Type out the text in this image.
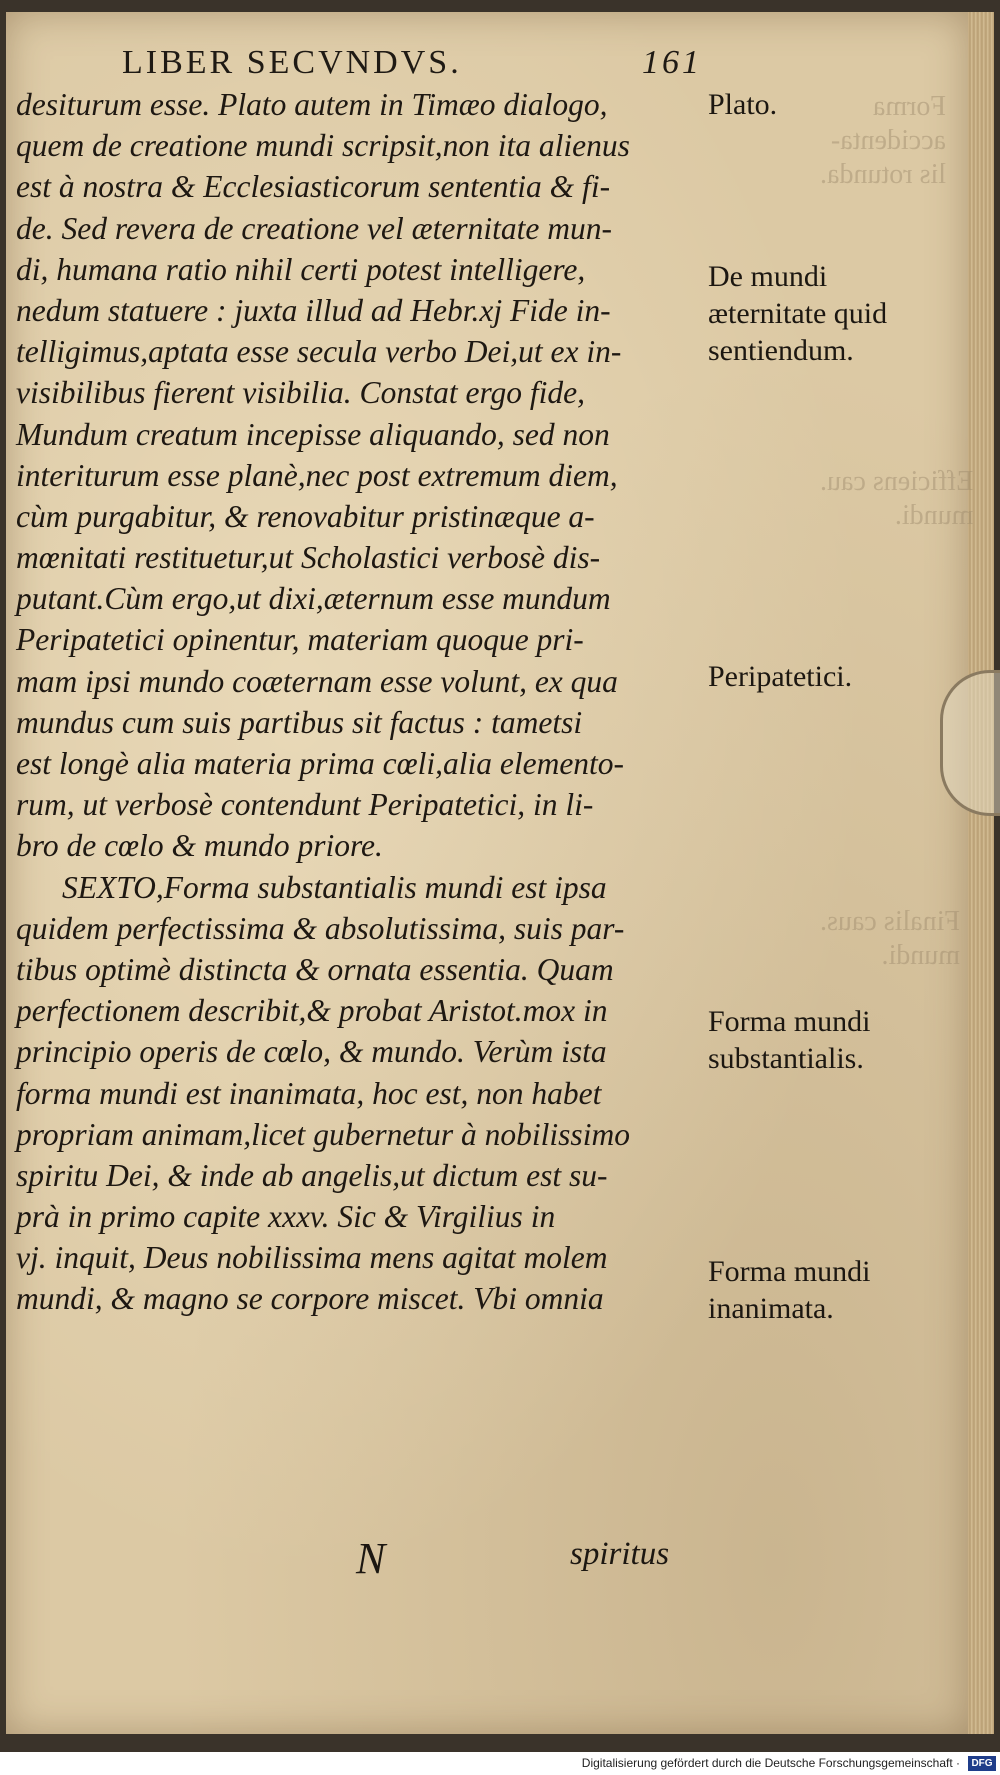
Forma
accidenta-
lis rotunda.
Efficiens cau.
mundi.
Finalis caus.
mundi.
LIBER SECVNDVS.	161
desiturum esse. Plato autem in Timæo dialogo,
quem de creatione mundi scripsit,non ita alienus
est à nostra & Ecclesiasticorum sententia & fi-
de. Sed revera de creatione vel æternitate mun-
di, humana ratio nihil certi potest intelligere,
nedum statuere : juxta illud ad Hebr.xj Fide in-
telligimus,aptata esse secula verbo Dei,ut ex in-
visibilibus fierent visibilia. Constat ergo fide,
Mundum creatum incepisse aliquando, sed non
interiturum esse planè,nec post extremum diem,
cùm purgabitur, & renovabitur pristinæque a-
mœnitati restituetur,ut Scholastici verbosè dis-
putant.Cùm ergo,ut dixi,æternum esse mundum
Peripatetici opinentur, materiam quoque pri-
mam ipsi mundo coæternam esse volunt, ex qua
mundus cum suis partibus sit factus : tametsi
est longè alia materia prima cœli,alia elemento-
rum, ut verbosè contendunt Peripatetici, in li-
bro de cœlo & mundo priore.
SEXTO,Forma substantialis mundi est ipsa
quidem perfectissima & absolutissima, suis par-
tibus optimè distincta & ornata essentia. Quam
perfectionem describit,& probat Aristot.mox in
principio operis de cœlo, & mundo. Verùm ista
forma mundi est inanimata, hoc est, non habet
propriam animam,licet gubernetur à nobilissimo
spiritu Dei, & inde ab angelis,ut dictum est su-
prà in primo capite xxxv. Sic & Virgilius in
vj. inquit, Deus nobilissima mens agitat molem
mundi, & magno se corpore miscet. Vbi omnia
Plato.
De mundi æternitate quid sentiendum.
Peripatetici.
Forma mundi substantialis.
Forma mundi inanimata.
N	spiritus
Digitalisierung gefördert durch die Deutsche Forschungsgemeinschaft ·	DFG
